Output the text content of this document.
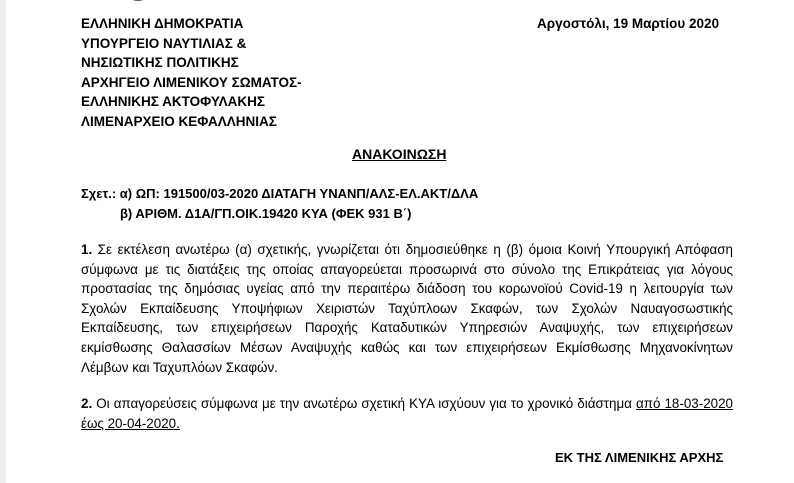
ΕΛΛΗΝΙΚΗ ΔΗΜΟΚΡΑΤΙΑ
ΥΠΟΥΡΓΕΙΟ ΝΑΥΤΙΛΙΑΣ &
ΝΗΣΙΩΤΙΚΗΣ ΠΟΛΙΤΙΚΗΣ
ΑΡΧΗΓΕΙΟ ΛΙΜΕΝΙΚΟΥ ΣΩΜΑΤΟΣ-
ΕΛΛΗΝΙΚΗΣ ΑΚΤΟΦΥΛΑΚΗΣ
ΛΙΜΕΝΑΡΧΕΙΟ ΚΕΦΑΛΛΗΝΙΑΣ
Αργοστόλι, 19 Μαρτίου 2020
ΑΝΑΚΟΙΝΩΣΗ
Σχετ.: α) ΩΠ: 191500/03-2020 ΔΙΑΤΑΓΗ ΥΝΑΝΠ/ΑΛΣ-ΕΛ.ΑΚΤ/ΔΛΑ
β) ΑΡΙΘΜ. Δ1Α/ΓΠ.ΟΙΚ.19420 ΚΥΑ (ΦΕΚ 931 Β΄)
1. Σε εκτέλεση ανωτέρω (α) σχετικής, γνωρίζεται ότι δημοσιεύθηκε η (β) όμοια Κοινή Υπουργική Απόφαση σύμφωνα με τις διατάξεις της οποίας απαγορεύεται προσωρινά στο σύνολο της Επικράτειας για λόγους προστασίας της δημόσιας υγείας από την περαιτέρω διάδοση του κορωνοϊού Covid-19 η λειτουργία των Σχολών Εκπαίδευσης Υποψήφιων Χειριστών Ταχύπλοων Σκαφών, των Σχολών Ναυαγοσωστικής Εκπαίδευσης, των επιχειρήσεων Παροχής Καταδυτικών Υπηρεσιών Αναψυχής, των επιχειρήσεων εκμίσθωσης Θαλασσίων Μέσων Αναψυχής καθώς και των επιχειρήσεων Εκμίσθωσης Μηχανοκίνητων Λέμβων και Ταχυπλόων Σκαφών.
2. Οι απαγορεύσεις σύμφωνα με την ανωτέρω σχετική ΚΥΑ ισχύουν για το χρονικό διάστημα από 18-03-2020 έως 20-04-2020.
ΕΚ ΤΗΣ ΛΙΜΕΝΙΚΗΣ ΑΡΧΗΣ
